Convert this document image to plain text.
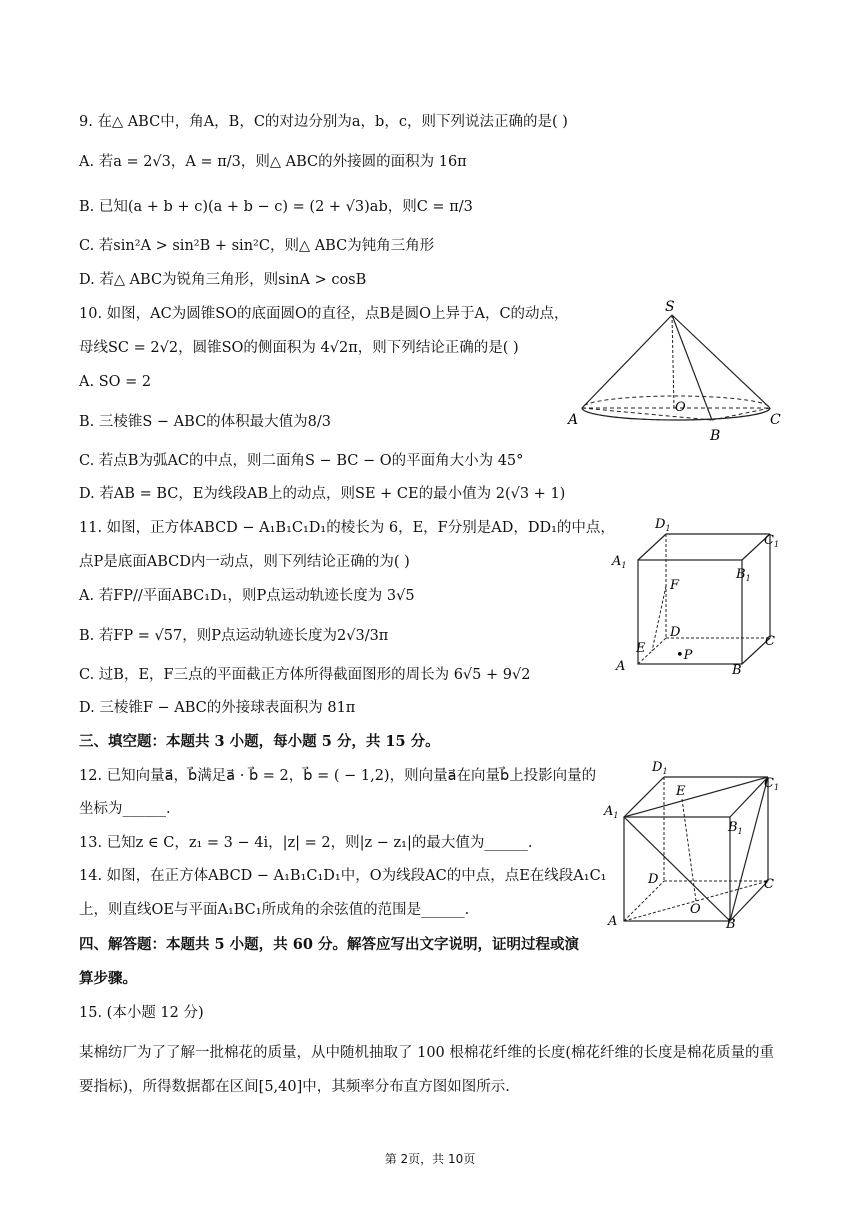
9. 在△ ABC中，角A，B，C的对边分别为a，b，c，则下列说法正确的是( )
A. 若a = 2√3，A = π/3，则△ ABC的外接圆的面积为 16π
B. 已知(a + b + c)(a + b − c) = (2 + √3)ab，则C = π/3
C. 若sin²A > sin²B + sin²C，则△ ABC为钝角三角形
D. 若△ ABC为锐角三角形，则sinA > cosB
10. 如图，AC为圆锥SO的底面圆O的直径，点B是圆O上异于A，C的动点，
母线SC = 2√2，圆锥SO的侧面积为 4√2π，则下列结论正确的是( )
A. SO = 2
B. 三棱锥S − ABC的体积最大值为8/3
C. 若点B为弧AC的中点，则二面角S − BC − O的平面角大小为 45°
D. 若AB = BC，E为线段AB上的动点，则SE + CE的最小值为 2(√3 + 1)
11. 如图，正方体ABCD − A₁B₁C₁D₁的棱长为 6，E，F分别是AD，DD₁的中点，
点P是底面ABCD内一动点，则下列结论正确的为( )
A. 若FP//平面ABC₁D₁，则P点运动轨迹长度为 3√5
B. 若FP = √57，则P点运动轨迹长度为2√3/3π
C. 过B，E，F三点的平面截正方体所得截面图形的周长为 6√5 + 9√2
D. 三棱锥F − ABC的外接球表面积为 81π
三、填空题：本题共 3 小题，每小题 5 分，共 15 分。
12. 已知向量a⃗，b⃗满足a⃗ · b⃗ = 2，b⃗ = ( − 1,2)，则向量a⃗在向量b⃗上投影向量的
坐标为______.
13. 已知z ∈ C，z₁ = 3 − 4i，|z| = 2，则|z − z₁|的最大值为______.
14. 如图，在正方体ABCD − A₁B₁C₁D₁中，O为线段AC的中点，点E在线段A₁C₁
上，则直线OE与平面A₁BC₁所成角的余弦值的范围是______.
四、解答题：本题共 5 小题，共 60 分。解答应写出文字说明，证明过程或演
算步骤。
15. (本小题 12 分)
某棉纺厂为了了解一批棉花的质量，从中随机抽取了 100 根棉花纤维的长度(棉花纤维的长度是棉花质量的重要指标)，所得数据都在区间[5,40]中，其频率分布直方图如图所示.
S
O
A
B
C
$D_1$
$C_1$
$A_1$
$B_1$
F
D
E	C
A	B
•P
$D_1$
$C_1$
$A_1$
E
$B_1$
D	C
O
A	B
第 2页，共 10页
